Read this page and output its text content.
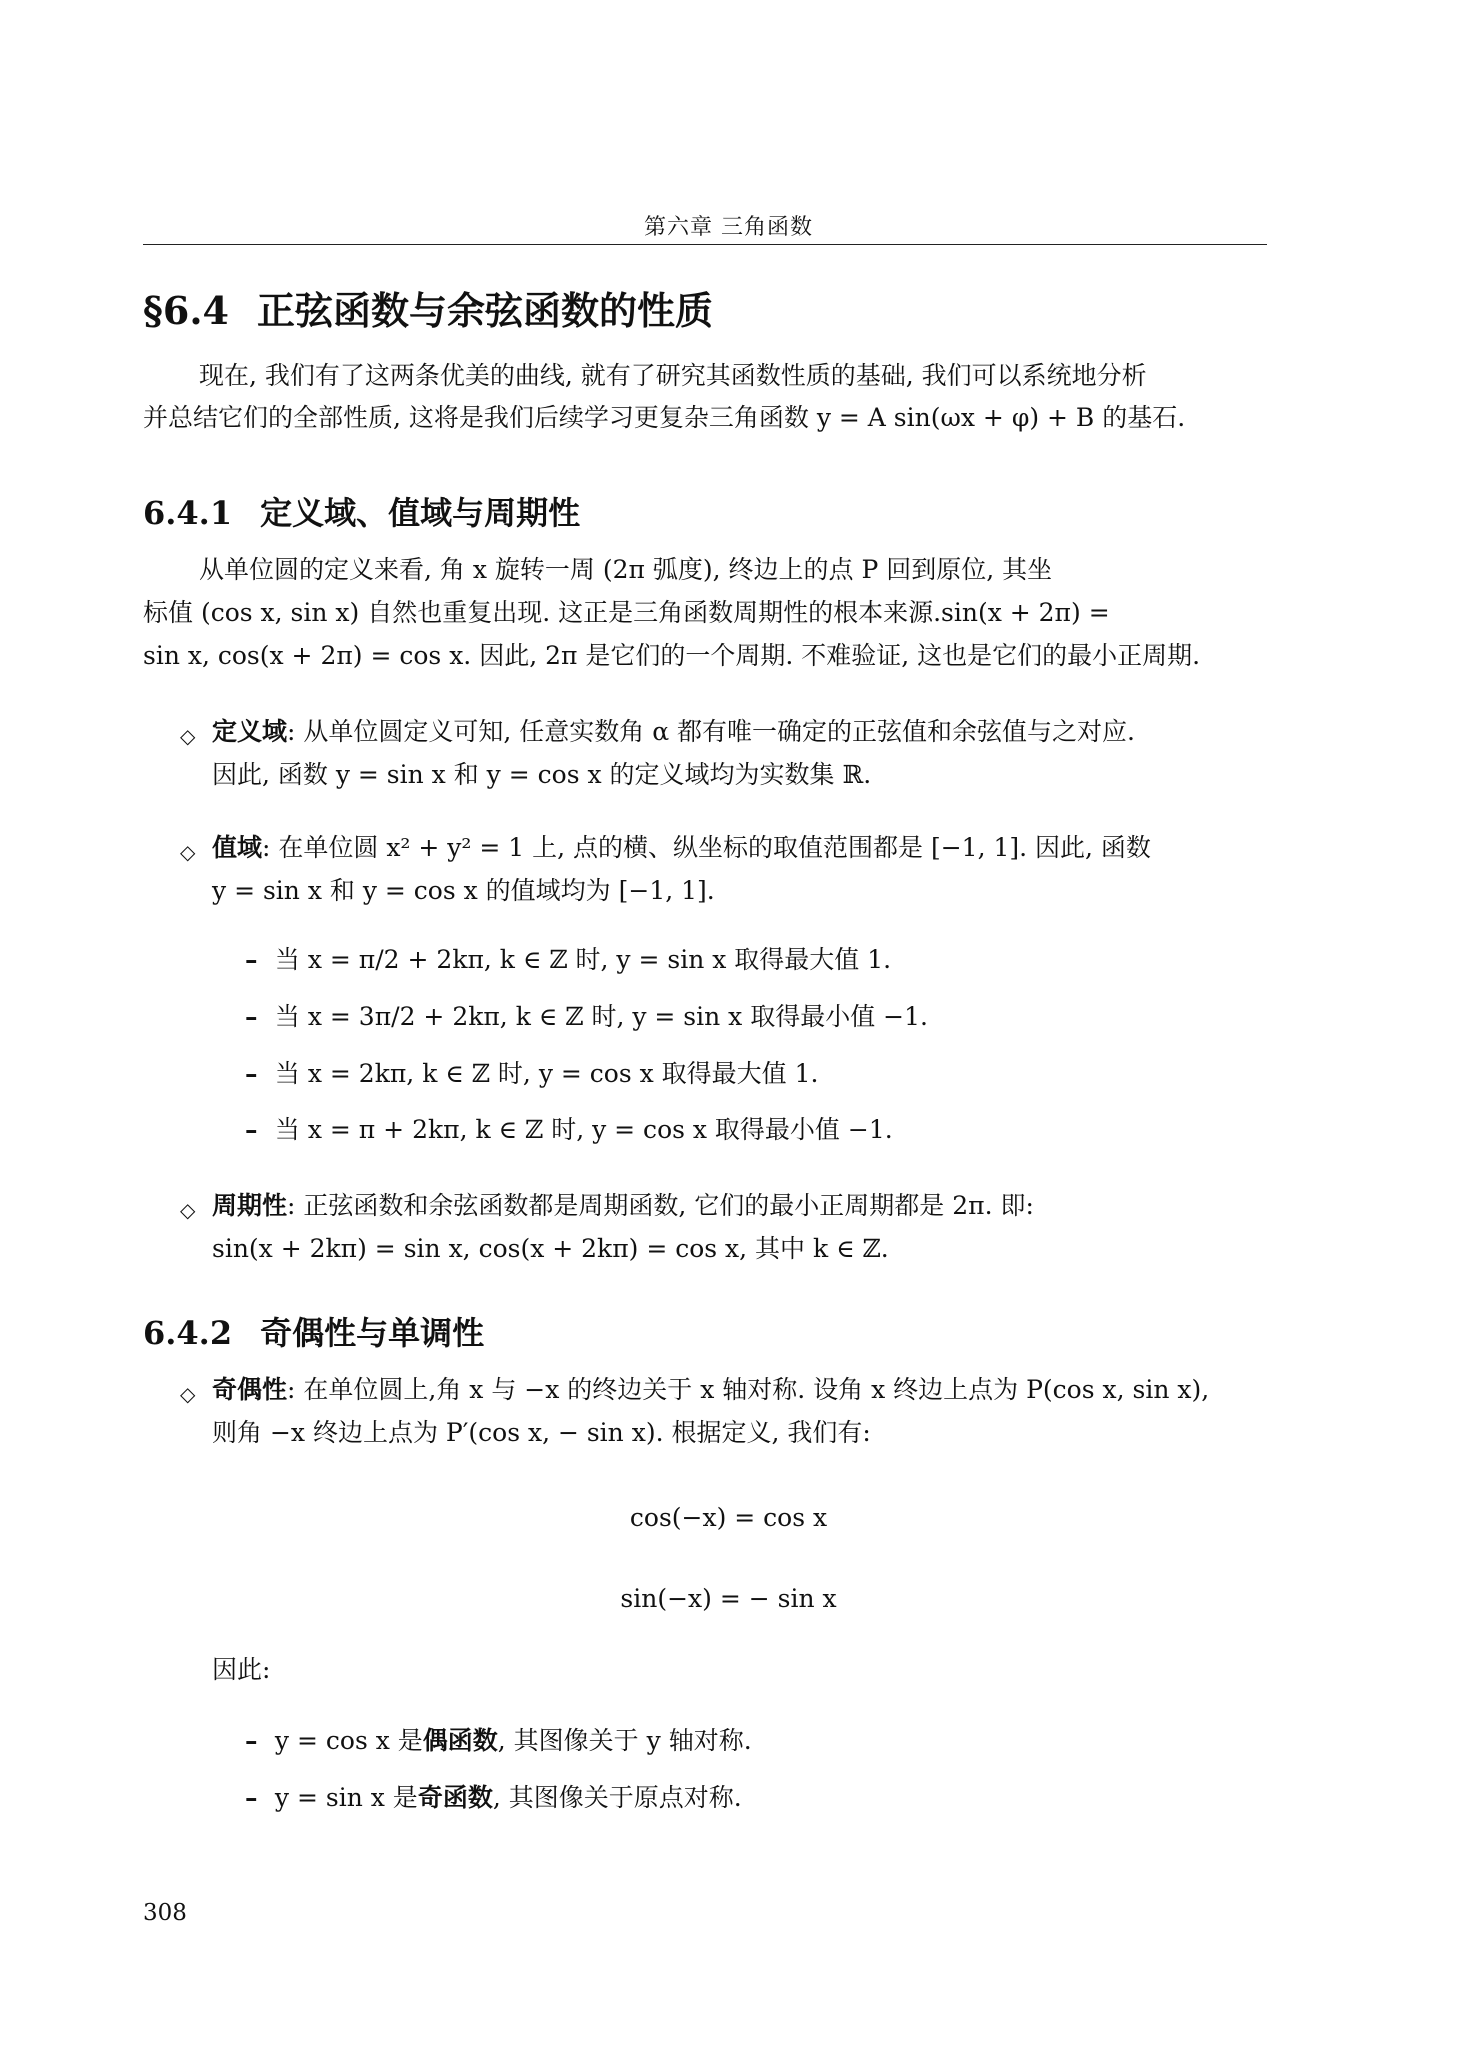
第六章 三角函数
§6.4 正弦函数与余弦函数的性质
现在, 我们有了这两条优美的曲线, 就有了研究其函数性质的基础, 我们可以系统地分析
并总结它们的全部性质, 这将是我们后续学习更复杂三角函数 y = A sin(ωx + φ) + B 的基石.
6.4.1 定义域、值域与周期性
从单位圆的定义来看, 角 x 旋转一周 (2π 弧度), 终边上的点 P 回到原位, 其坐
标值 (cos x, sin x) 自然也重复出现. 这正是三角函数周期性的根本来源.sin(x + 2π) =
sin x, cos(x + 2π) = cos x. 因此, 2π 是它们的一个周期. 不难验证, 这也是它们的最小正周期.
◇ 定义域: 从单位圆定义可知, 任意实数角 α 都有唯一确定的正弦值和余弦值与之对应.
因此, 函数 y = sin x 和 y = cos x 的定义域均为实数集 ℝ.
◇ 值域: 在单位圆 x² + y² = 1 上, 点的横、纵坐标的取值范围都是 [−1, 1]. 因此, 函数
y = sin x 和 y = cos x 的值域均为 [−1, 1].
–  当 x = π/2 + 2kπ, k ∈ ℤ 时, y = sin x 取得最大值 1.
–  当 x = 3π/2 + 2kπ, k ∈ ℤ 时, y = sin x 取得最小值 −1.
–  当 x = 2kπ, k ∈ ℤ 时, y = cos x 取得最大值 1.
–  当 x = π + 2kπ, k ∈ ℤ 时, y = cos x 取得最小值 −1.
◇ 周期性: 正弦函数和余弦函数都是周期函数, 它们的最小正周期都是 2π. 即:
sin(x + 2kπ) = sin x, cos(x + 2kπ) = cos x, 其中 k ∈ ℤ.
6.4.2 奇偶性与单调性
◇ 奇偶性: 在单位圆上,角 x 与 −x 的终边关于 x 轴对称. 设角 x 终边上点为 P(cos x, sin x),
则角 −x 终边上点为 P′(cos x, − sin x). 根据定义, 我们有:
cos(−x) = cos x
sin(−x) = − sin x
因此:
–  y = cos x 是偶函数, 其图像关于 y 轴对称.
–  y = sin x 是奇函数, 其图像关于原点对称.
308
